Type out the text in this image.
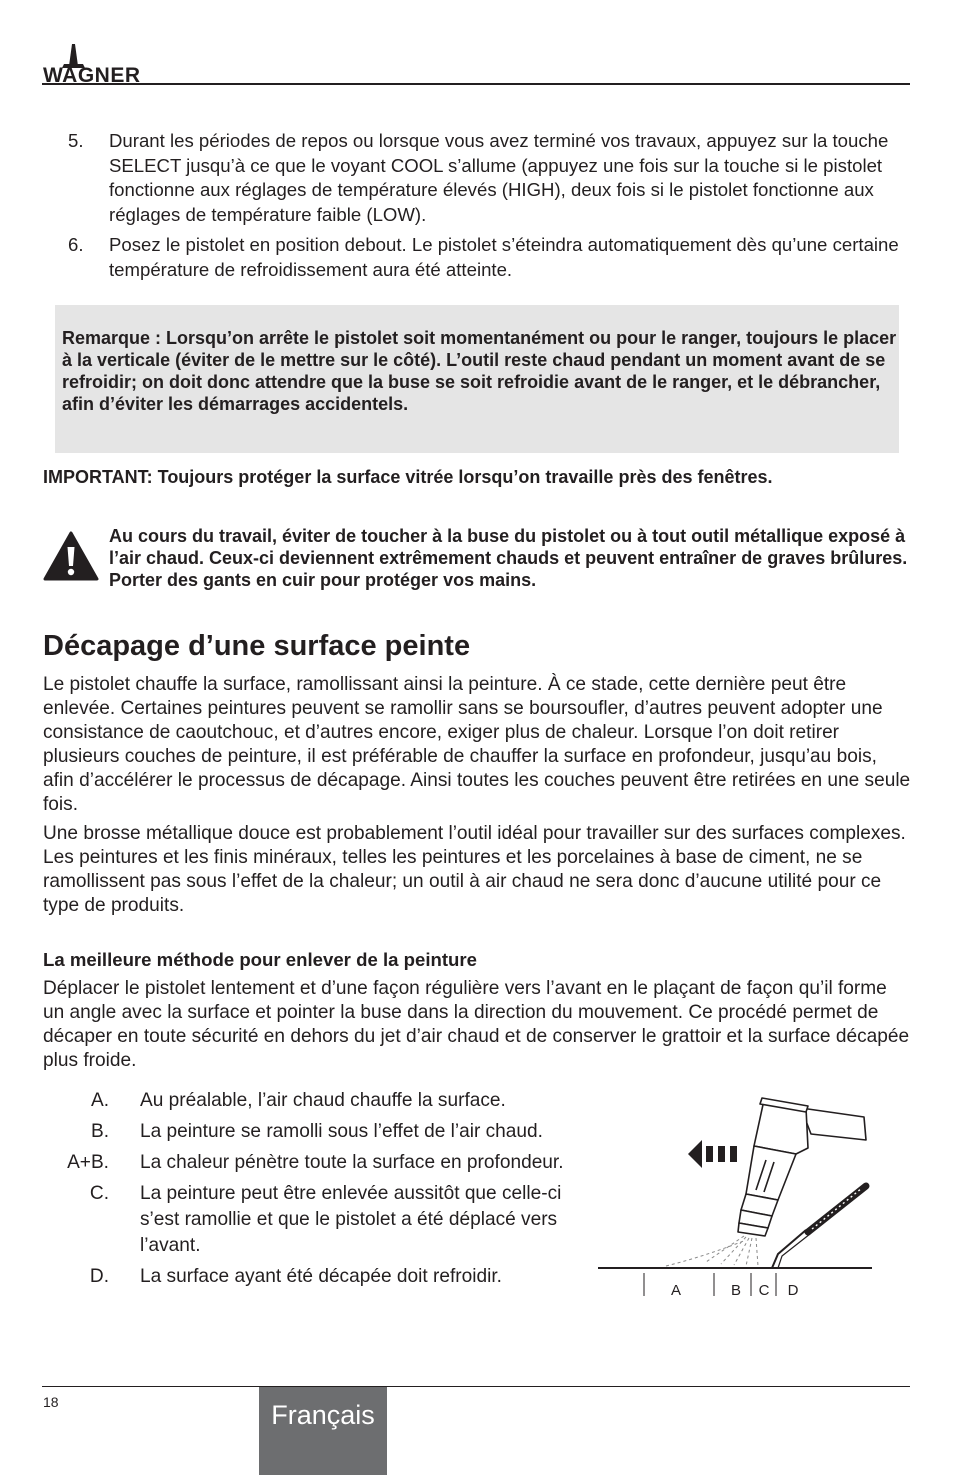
WAGNER
5. Durant les périodes de repos ou lorsque vous avez terminé vos travaux, appuyez sur la touche SELECT jusqu’à ce que le voyant COOL s’allume (appuyez une fois sur la touche si le pistolet fonctionne aux réglages de température élevés (HIGH), deux fois si le pistolet fonctionne aux réglages de température faible (LOW).
6. Posez le pistolet en position debout. Le pistolet s’éteindra automatiquement dès qu’une certaine température de refroidissement aura été atteinte.

Remarque : Lorsqu’on arrête le pistolet soit momentanément ou pour le ranger, toujours le placer à la verticale (éviter de le mettre sur le côté). L’outil reste chaud pendant un moment avant de se refroidir; on doit donc attendre que la buse se soit refroidie avant de le ranger, et le débrancher, afin d’éviter les démarrages accidentels.

IMPORTANT: Toujours protéger la surface vitrée lorsqu’on travaille près des fenêtres.

Au cours du travail, éviter de toucher à la buse du pistolet ou à tout outil métallique exposé à l’air chaud. Ceux-ci deviennent extrêmement chauds et peuvent entraîner de graves brûlures. Porter des gants en cuir pour protéger vos mains.

Décapage d’une surface peinte

Le pistolet chauffe la surface, ramollissant ainsi la peinture. À ce stade, cette dernière peut être enlevée. Certaines peintures peuvent se ramollir sans se boursoufler, d’autres peuvent adopter une consistance de caoutchouc, et d’autres encore, exiger plus de chaleur. Lorsque l’on doit retirer plusieurs couches de peinture, il est préférable de chauffer la surface en profondeur, jusqu’au bois, afin d’accélérer le processus de décapage. Ainsi toutes les couches peuvent être retirées en une seule fois.

Une brosse métallique douce est probablement l’outil idéal pour travailler sur des surfaces complexes. Les peintures et les finis minéraux, telles les peintures et les porcelaines à base de ciment, ne se ramollissent pas sous l’effet de la chaleur; un outil à air chaud ne sera donc d’aucune utilité pour ce type de produits.

La meilleure méthode pour enlever de la peinture

Déplacer le pistolet lentement et d’une façon régulière vers l’avant en le plaçant de façon qu’il forme un angle avec la surface et pointer la buse dans la direction du mouvement. Ce procédé permet de décaper en toute sécurité en dehors du jet d’air chaud et de conserver le grattoir et la surface décapée plus froide.

A. Au préalable, l’air chaud chauffe la surface.
B. La peinture se ramolli sous l’effet de l’air chaud.
A+B. La chaleur pénètre toute la surface en profondeur.
C. La peinture peut être enlevée aussitôt que celle-ci s’est ramollie et que le pistolet a été déplacé vers l’avant.
D. La surface ayant été décapée doit refroidir.
A	B C D
18	Français
